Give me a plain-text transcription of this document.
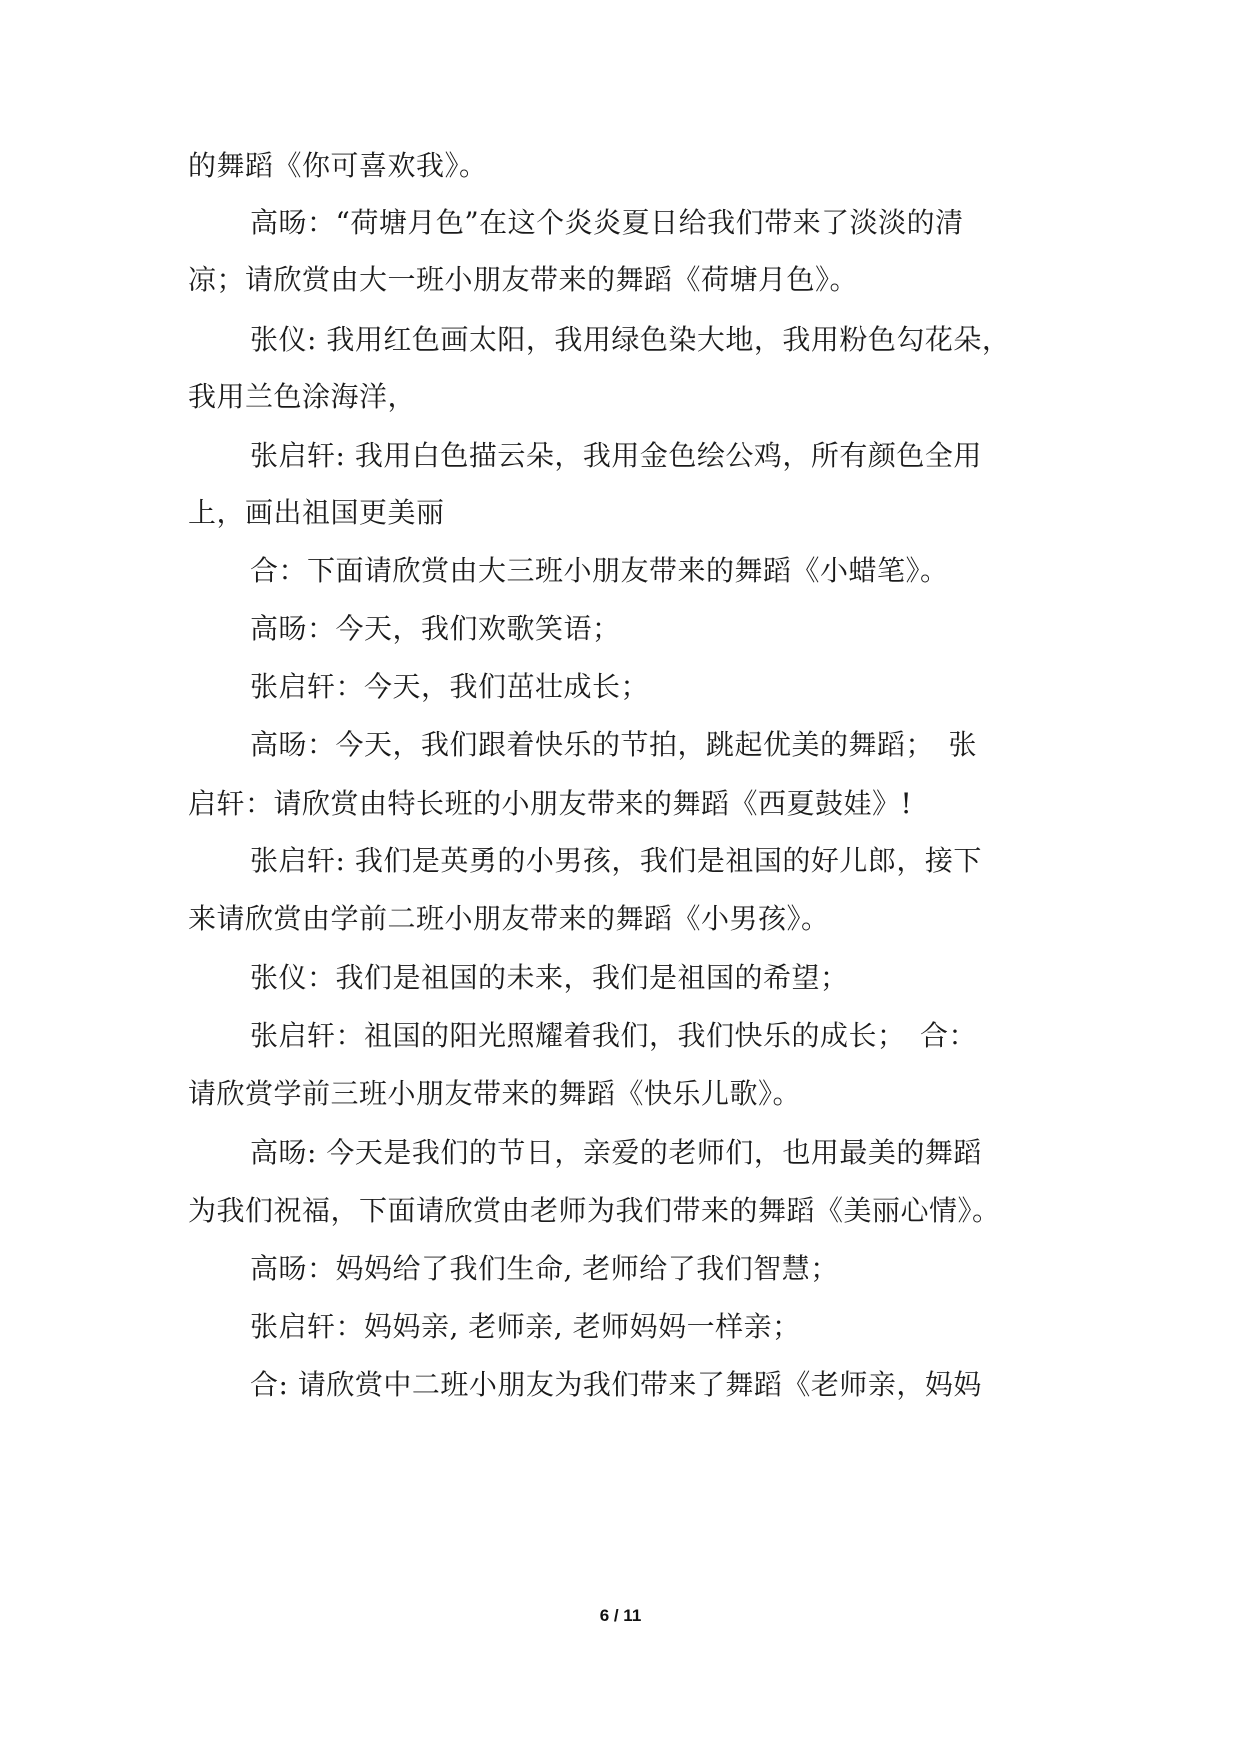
的舞蹈《你可喜欢我》。
高旸：“荷塘月色”在这个炎炎夏日给我们带来了淡淡的清
凉；请欣赏由大一班小朋友带来的舞蹈《荷塘月色》。
张仪: 我用红色画太阳，我用绿色染大地，我用粉色勾花朵，
我用兰色涂海洋，
张启轩: 我用白色描云朵，我用金色绘公鸡，所有颜色全用
上，画出祖国更美丽
合：下面请欣赏由大三班小朋友带来的舞蹈《小蜡笔》。
高旸：今天，我们欢歌笑语；
张启轩：今天，我们茁壮成长；
高旸：今天，我们跟着快乐的节拍，跳起优美的舞蹈；　张
启轩：请欣赏由特长班的小朋友带来的舞蹈《西夏鼓娃》!
张启轩: 我们是英勇的小男孩，我们是祖国的好儿郎，接下
来请欣赏由学前二班小朋友带来的舞蹈《小男孩》。
张仪：我们是祖国的未来，我们是祖国的希望；
张启轩：祖国的阳光照耀着我们，我们快乐的成长；　合：
请欣赏学前三班小朋友带来的舞蹈《快乐儿歌》。
高旸: 今天是我们的节日，亲爱的老师们，也用最美的舞蹈
为我们祝福，下面请欣赏由老师为我们带来的舞蹈《美丽心情》。
高旸：妈妈给了我们生命, 老师给了我们智慧；
张启轩：妈妈亲, 老师亲, 老师妈妈一样亲；
合: 请欣赏中二班小朋友为我们带来了舞蹈《老师亲，妈妈
6 / 11
